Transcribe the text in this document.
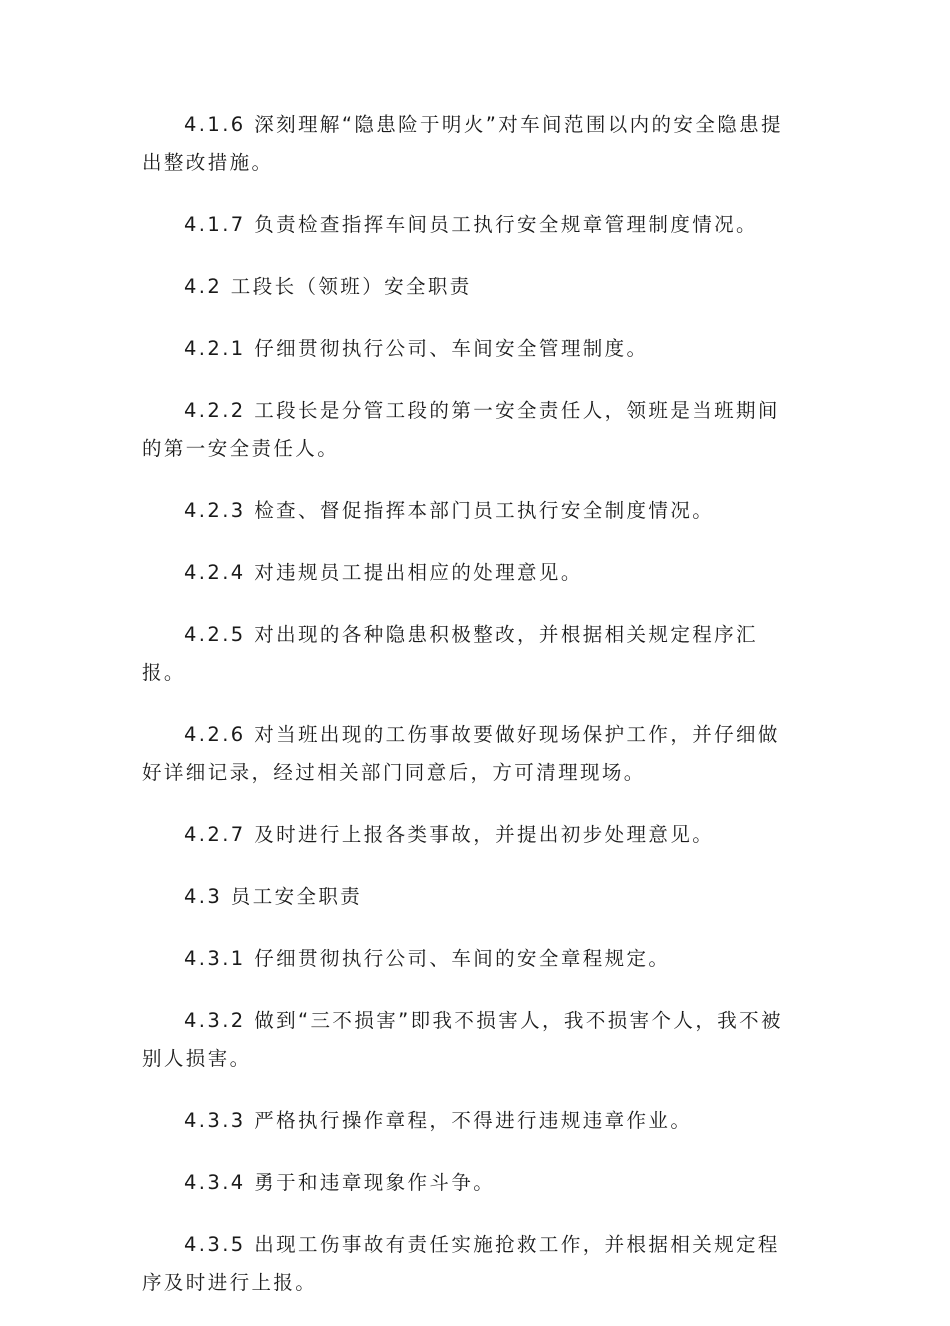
4.1.6 深刻理解“隐患险于明火”对车间范围以内的安全隐患提出整改措施。

4.1.7 负责检查指挥车间员工执行安全规章管理制度情况。

4.2 工段长（领班）安全职责

4.2.1 仔细贯彻执行公司、车间安全管理制度。

4.2.2 工段长是分管工段的第一安全责任人，领班是当班期间的第一安全责任人。

4.2.3 检查、督促指挥本部门员工执行安全制度情况。

4.2.4 对违规员工提出相应的处理意见。

4.2.5 对出现的各种隐患积极整改，并根据相关规定程序汇报。

4.2.6 对当班出现的工伤事故要做好现场保护工作，并仔细做好详细记录，经过相关部门同意后，方可清理现场。

4.2.7 及时进行上报各类事故，并提出初步处理意见。

4.3 员工安全职责

4.3.1 仔细贯彻执行公司、车间的安全章程规定。

4.3.2 做到“三不损害”即我不损害人，我不损害个人，我不被别人损害。

4.3.3 严格执行操作章程，不得进行违规违章作业。

4.3.4 勇于和违章现象作斗争。

4.3.5 出现工伤事故有责任实施抢救工作，并根据相关规定程序及时进行上报。
